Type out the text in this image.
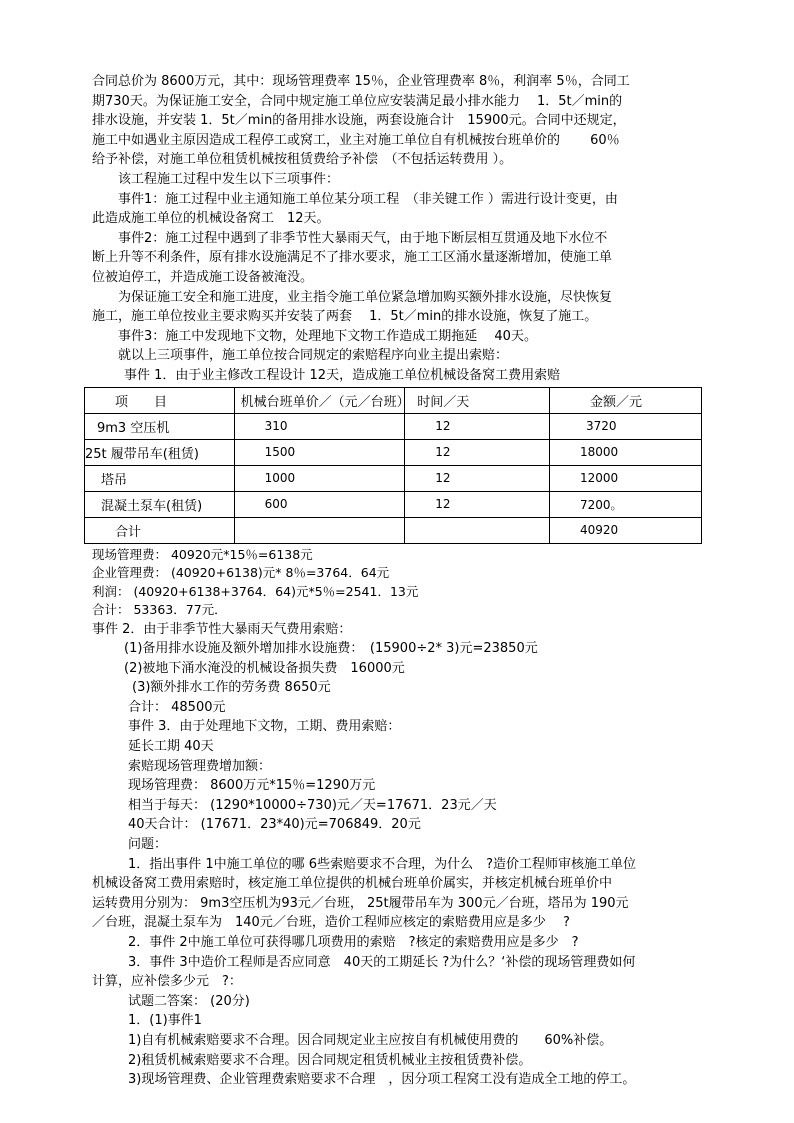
合同总价为 8600万元，其中：现场管理费率 15％，企业管理费率 8％，利润率 5％，合同工

期730天。为保证施工安全，合同中规定施工单位应安装满足最小排水能力　 1．5t／min的

排水设施，并安装 1．5t／min的备用排水设施，两套设施合计　15900元。合同中还规定，

施工中如遇业主原因造成工程停工或窝工，业主对施工单位自有机械按台班单价的　　 60％

给予补偿，对施工单位租赁机械按租赁费给予补偿　（不包括运转费用 ）。

该工程施工过程中发生以下三项事件：

事件1：施工过程中业主通知施工单位某分项工程　（非关键工作 ）需进行设计变更，由

此造成施工单位的机械设备窝工　12天。

事件2：施工过程中遇到了非季节性大暴雨天气，由于地下断层相互贯通及地下水位不

断上升等不利条件，原有排水设施满足不了排水要求，施工工区涌水量逐渐增加，使施工单

位被迫停工，并造成施工设备被淹没。

为保证施工安全和施工进度，业主指令施工单位紧急增加购买额外排水设施，尽快恢复

施工，施工单位按业主要求购买并安装了两套　 1．5t／min的排水设施，恢复了施工。

事件3：施工中发现地下文物，处理地下文物工作造成工期拖延　 40天。

就以上三项事件，施工单位按合同规定的索赔程序向业主提出索赔：

事件 1．由于业主修改工程设计 12天，造成施工单位机械设备窝工费用索赔

项　　目	机械台班单价／（元／台班）	时间／天	金额／元
9m3 空压机	310	12	3720
25t 履带吊车(租赁)	1500	12	18000
塔吊	1000	12	12000
混凝土泵车(租赁)	600	12	7200。
合计			40920

现场管理费： 40920元*15％=6138元

企业管理费： (40920+6138)元* 8％=3764．64元

利润： (40920+6138+3764．64)元*5％=2541．13元

合计： 53363．77元．

事件 2．由于非季节性大暴雨天气费用索赔：

(1)备用排水设施及额外增加排水设施费：　(15900÷2* 3)元=23850元

(2)被地下涌水淹没的机械设备损失费　16000元

(3)额外排水工作的劳务费 8650元

合计： 48500元

事件 3．由于处理地下文物，工期、费用索赔：

延长工期 40天

索赔现场管理费增加额：

现场管理费： 8600万元*15％=1290万元

相当于每天： (1290*10000÷730)元／天=17671．23元／天

40天合计： (17671．23*40)元=706849．20元

问题：

1．指出事件 1中施工单位的哪 6些索赔要求不合理，为什么　?造价工程师审核施工单位

机械设备窝工费用索赔时，核定施工单位提供的机械台班单价属实，并核定机械台班单价中

运转费用分别为： 9m3空压机为93元／台班， 25t履带吊车为 300元／台班，塔吊为 190元

／台班，混凝土泵车为　140元／台班，造价工程师应核定的索赔费用应是多少　 ?

2．事件 2中施工单位可获得哪几项费用的索赔　?核定的索赔费用应是多少　?

3．事件 3中造价工程师是否应同意　40天的工期延长 ?为什么？‘补偿的现场管理费如何

计算，应补偿多少元　?：

试题二答案： (20分)

1．(1)事件1

1)自有机械索赔要求不合理。因合同规定业主应按自有机械使用费的　　60%补偿。

2)租赁机械索赔要求不合理。因合同规定租赁机械业主按租赁费补偿。

3)现场管理费、企业管理费索赔要求不合理　，因分项工程窝工没有造成全工地的停工。
